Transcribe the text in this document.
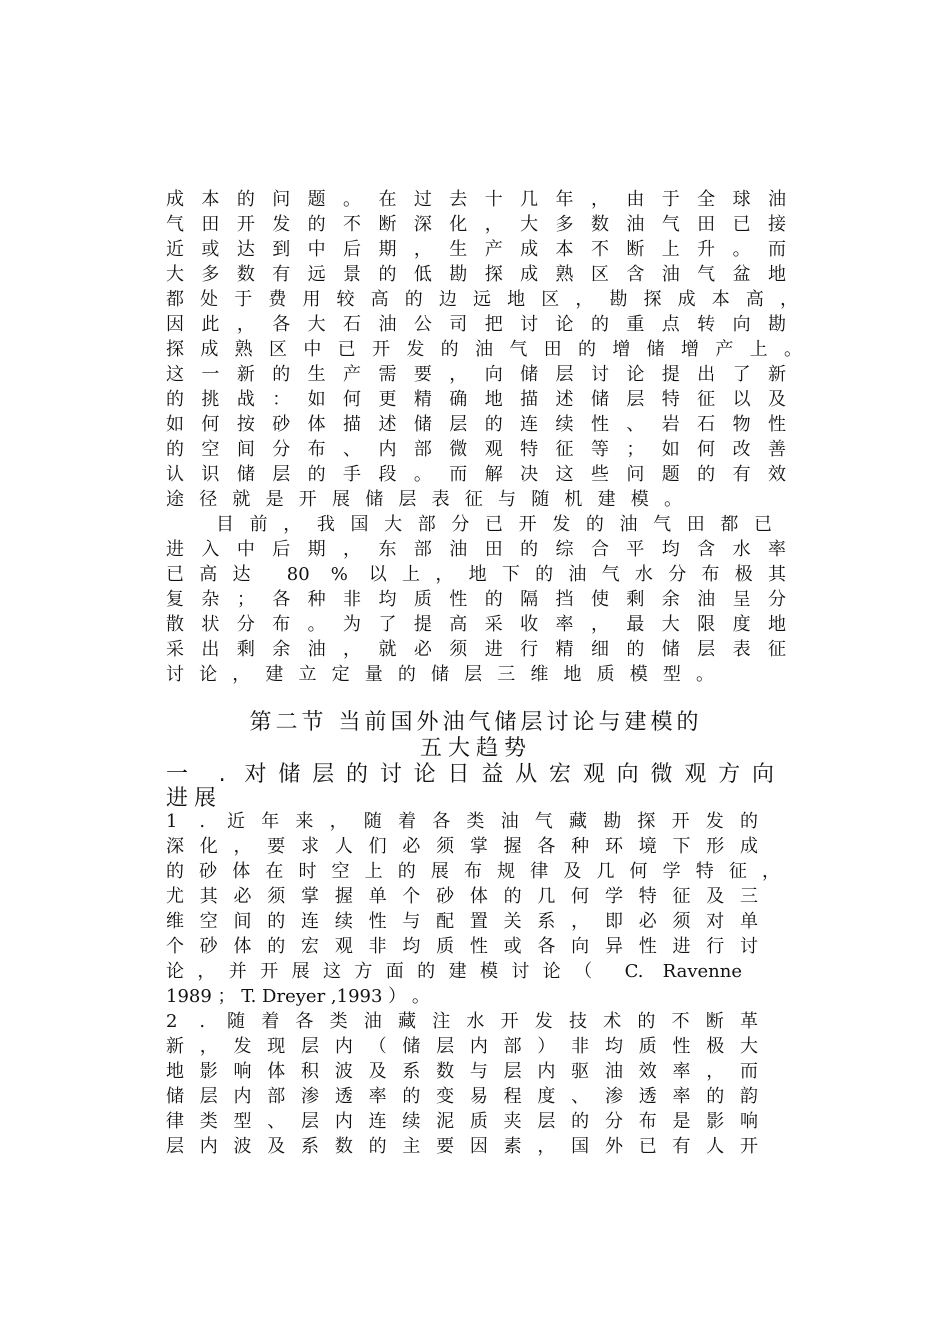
成本的问题。在过去十几年，由于全球油
气田开发的不断深化，大多数油气田已接
近或达到中后期，生产成本不断上升。而
大多数有远景的低勘探成熟区含油气盆地
都处于费用较高的边远地区，勘探成本高，
因此，各大石油公司把讨论的重点转向勘
探成熟区中已开发的油气田的增储增产上。
这一新的生产需要，向储层讨论提出了新
的挑战：如何更精确地描述储层特征以及
如何按砂体描述储层的连续性、岩石物性
的空间分布、内部微观特征等；如何改善
认识储层的手段。而解决这些问题的有效
途径就是开展储层表征与随机建模。
目前，我国大部分已开发的油气田都已
进入中后期，东部油田的综合平均含水率
已高达 80 % 以上，地下的油气水分布极其
复杂；各种非均质性的隔挡使剩余油呈分
散状分布。为了提高采收率，最大限度地
采出剩余油，就必须进行精细的储层表征
讨论，建立定量的储层三维地质模型。
第二节 当前国外油气储层讨论与建模的
五大趋势
一 . 对储层的讨论日益从宏观向微观方向
进展
1 . 近年来，随着各类油气藏勘探开发的
深化，要求人们必须掌握各种环境下形成
的砂体在时空上的展布规律及几何学特征，
尤其必须掌握单个砂体的几何学特征及三
维空间的连续性与配置关系，即必须对单
个砂体的宏观非均质性或各向异性进行讨
论，并开展这方面的建模讨论（ C. Ravenne
1989 ； T. Dreyer ,1993 ） 。
2 . 随着各类油藏注水开发技术的不断革
新，发现层内（储层内部）非均质性极大
地影响体积波及系数与层内驱油效率，而
储层内部渗透率的变易程度、渗透率的韵
律类型、层内连续泥质夹层的分布是影响
层内波及系数的主要因素，国外已有人开
